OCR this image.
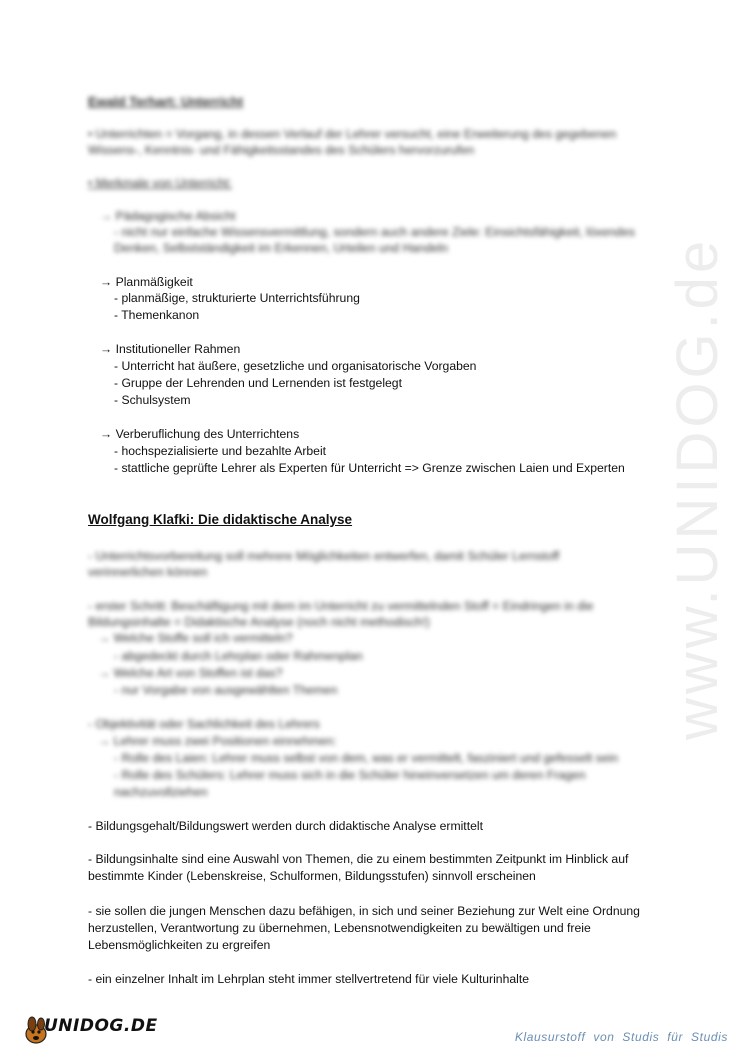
www.UNIDOG.de
Ewald Terhart: Unterricht
• Unterrichten = Vorgang, in dessen Verlauf der Lehrer versucht, eine Erweiterung des gegebenen
Wissens-, Kenntnis- und Fähigkeitsstandes des Schülers hervorzurufen
• Merkmale von Unterricht:
→ Pädagogische Absicht
- nicht nur einfache Wissensvermittlung, sondern auch andere Ziele: Einsichtsfähigkeit, löxendes
Denken, Selbstständigkeit im Erkennen, Urteilen und Handeln
→ Planmäßigkeit
- planmäßige, strukturierte Unterrichtsführung
- Themenkanon
→ Institutioneller Rahmen
- Unterricht hat äußere, gesetzliche und organisatorische Vorgaben
- Gruppe der Lehrenden und Lernenden ist festgelegt
- Schulsystem
→ Verberuflichung des Unterrichtens
- hochspezialisierte und bezahlte Arbeit
- stattliche geprüfte Lehrer als Experten für Unterricht => Grenze zwischen Laien und Experten
Wolfgang Klafki: Die didaktische Analyse
- Unterrichtsvorbereitung soll mehrere Möglichkeiten entwerfen, damit Schüler Lernstoff
verinnerlichen können
- erster Schritt: Beschäftigung mit dem im Unterricht zu vermittelnden Stoff = Eindringen in die
Bildungsinhalte = Didaktische Analyse (noch nicht methodisch!)
→ Welche Stoffe soll ich vermitteln?
- abgedeckt durch Lehrplan oder Rahmenplan
→ Welche Art von Stoffen ist das?
- nur Vorgabe von ausgewählten Themen
- Objektivität oder Sachlichkeit des Lehrers
→ Lehrer muss zwei Positionen einnehmen:
- Rolle des Laien: Lehrer muss selbst von dem, was er vermittelt, fasziniert und gefesselt sein
- Rolle des Schülers: Lehrer muss sich in die Schüler hineinversetzen um deren Fragen
nachzuvollziehen
- Bildungsgehalt/Bildungswert werden durch didaktische Analyse ermittelt
- Bildungsinhalte sind eine Auswahl von Themen, die zu einem bestimmten Zeitpunkt im Hinblick auf
bestimmte Kinder (Lebenskreise, Schulformen, Bildungsstufen) sinnvoll erscheinen
- sie sollen die jungen Menschen dazu befähigen, in sich und seiner Beziehung zur Welt eine Ordnung
herzustellen, Verantwortung zu übernehmen, Lebensnotwendigkeiten zu bewältigen und freie
Lebensmöglichkeiten zu ergreifen
- ein einzelner Inhalt im Lehrplan steht immer stellvertretend für viele Kulturinhalte
UNIDOG.DE
Klausurstoff von Studis für Studis
